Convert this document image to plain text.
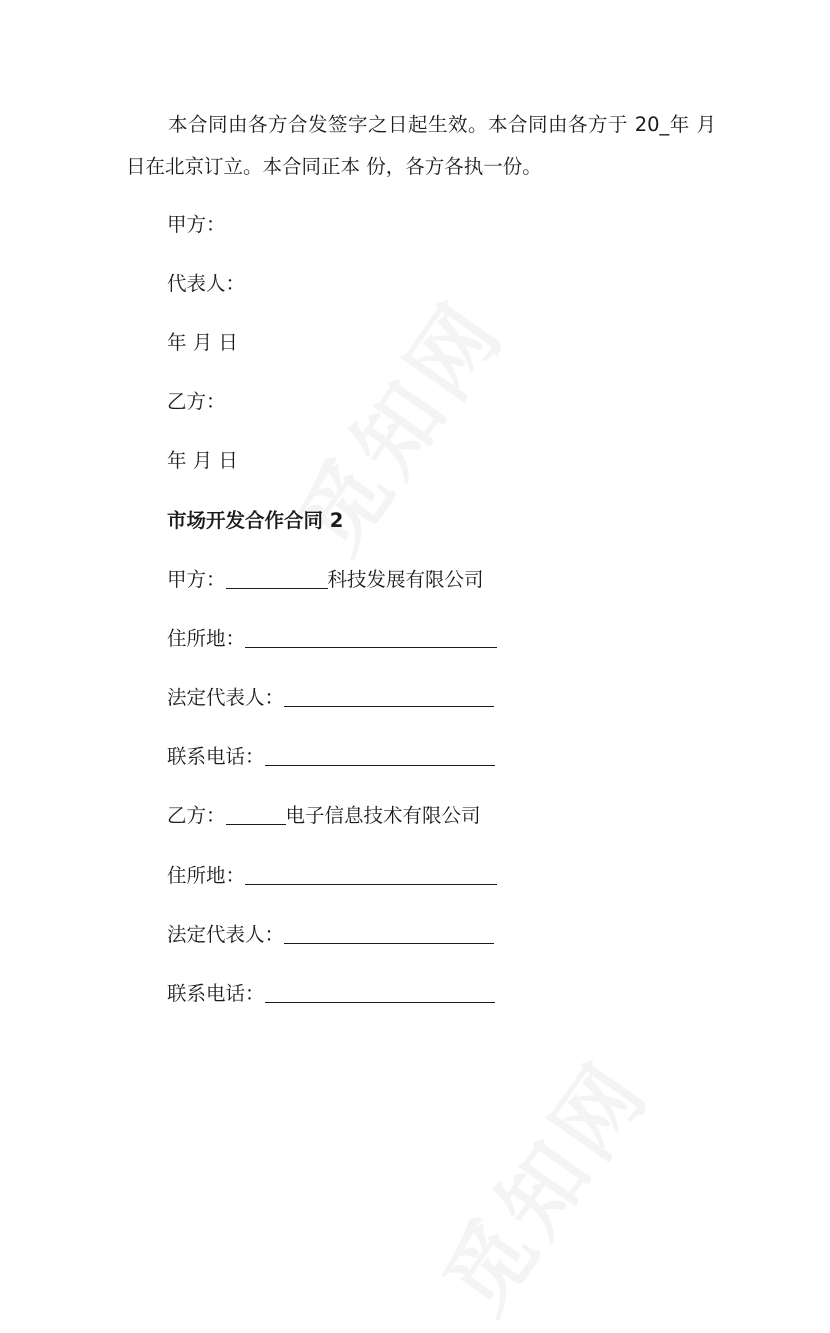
本合同由各方合发签字之日起生效。本合同由各方于 20_年 月 日在北京订立。本合同正本 份，各方各执一份。

甲方：

代表人：

年 月 日

乙方：

年 月 日

市场开发合作合同 2

甲方：	科技发展有限公司

住所地：

法定代表人：

联系电话：

乙方：	电子信息技术有限公司

住所地：

法定代表人：

联系电话：
